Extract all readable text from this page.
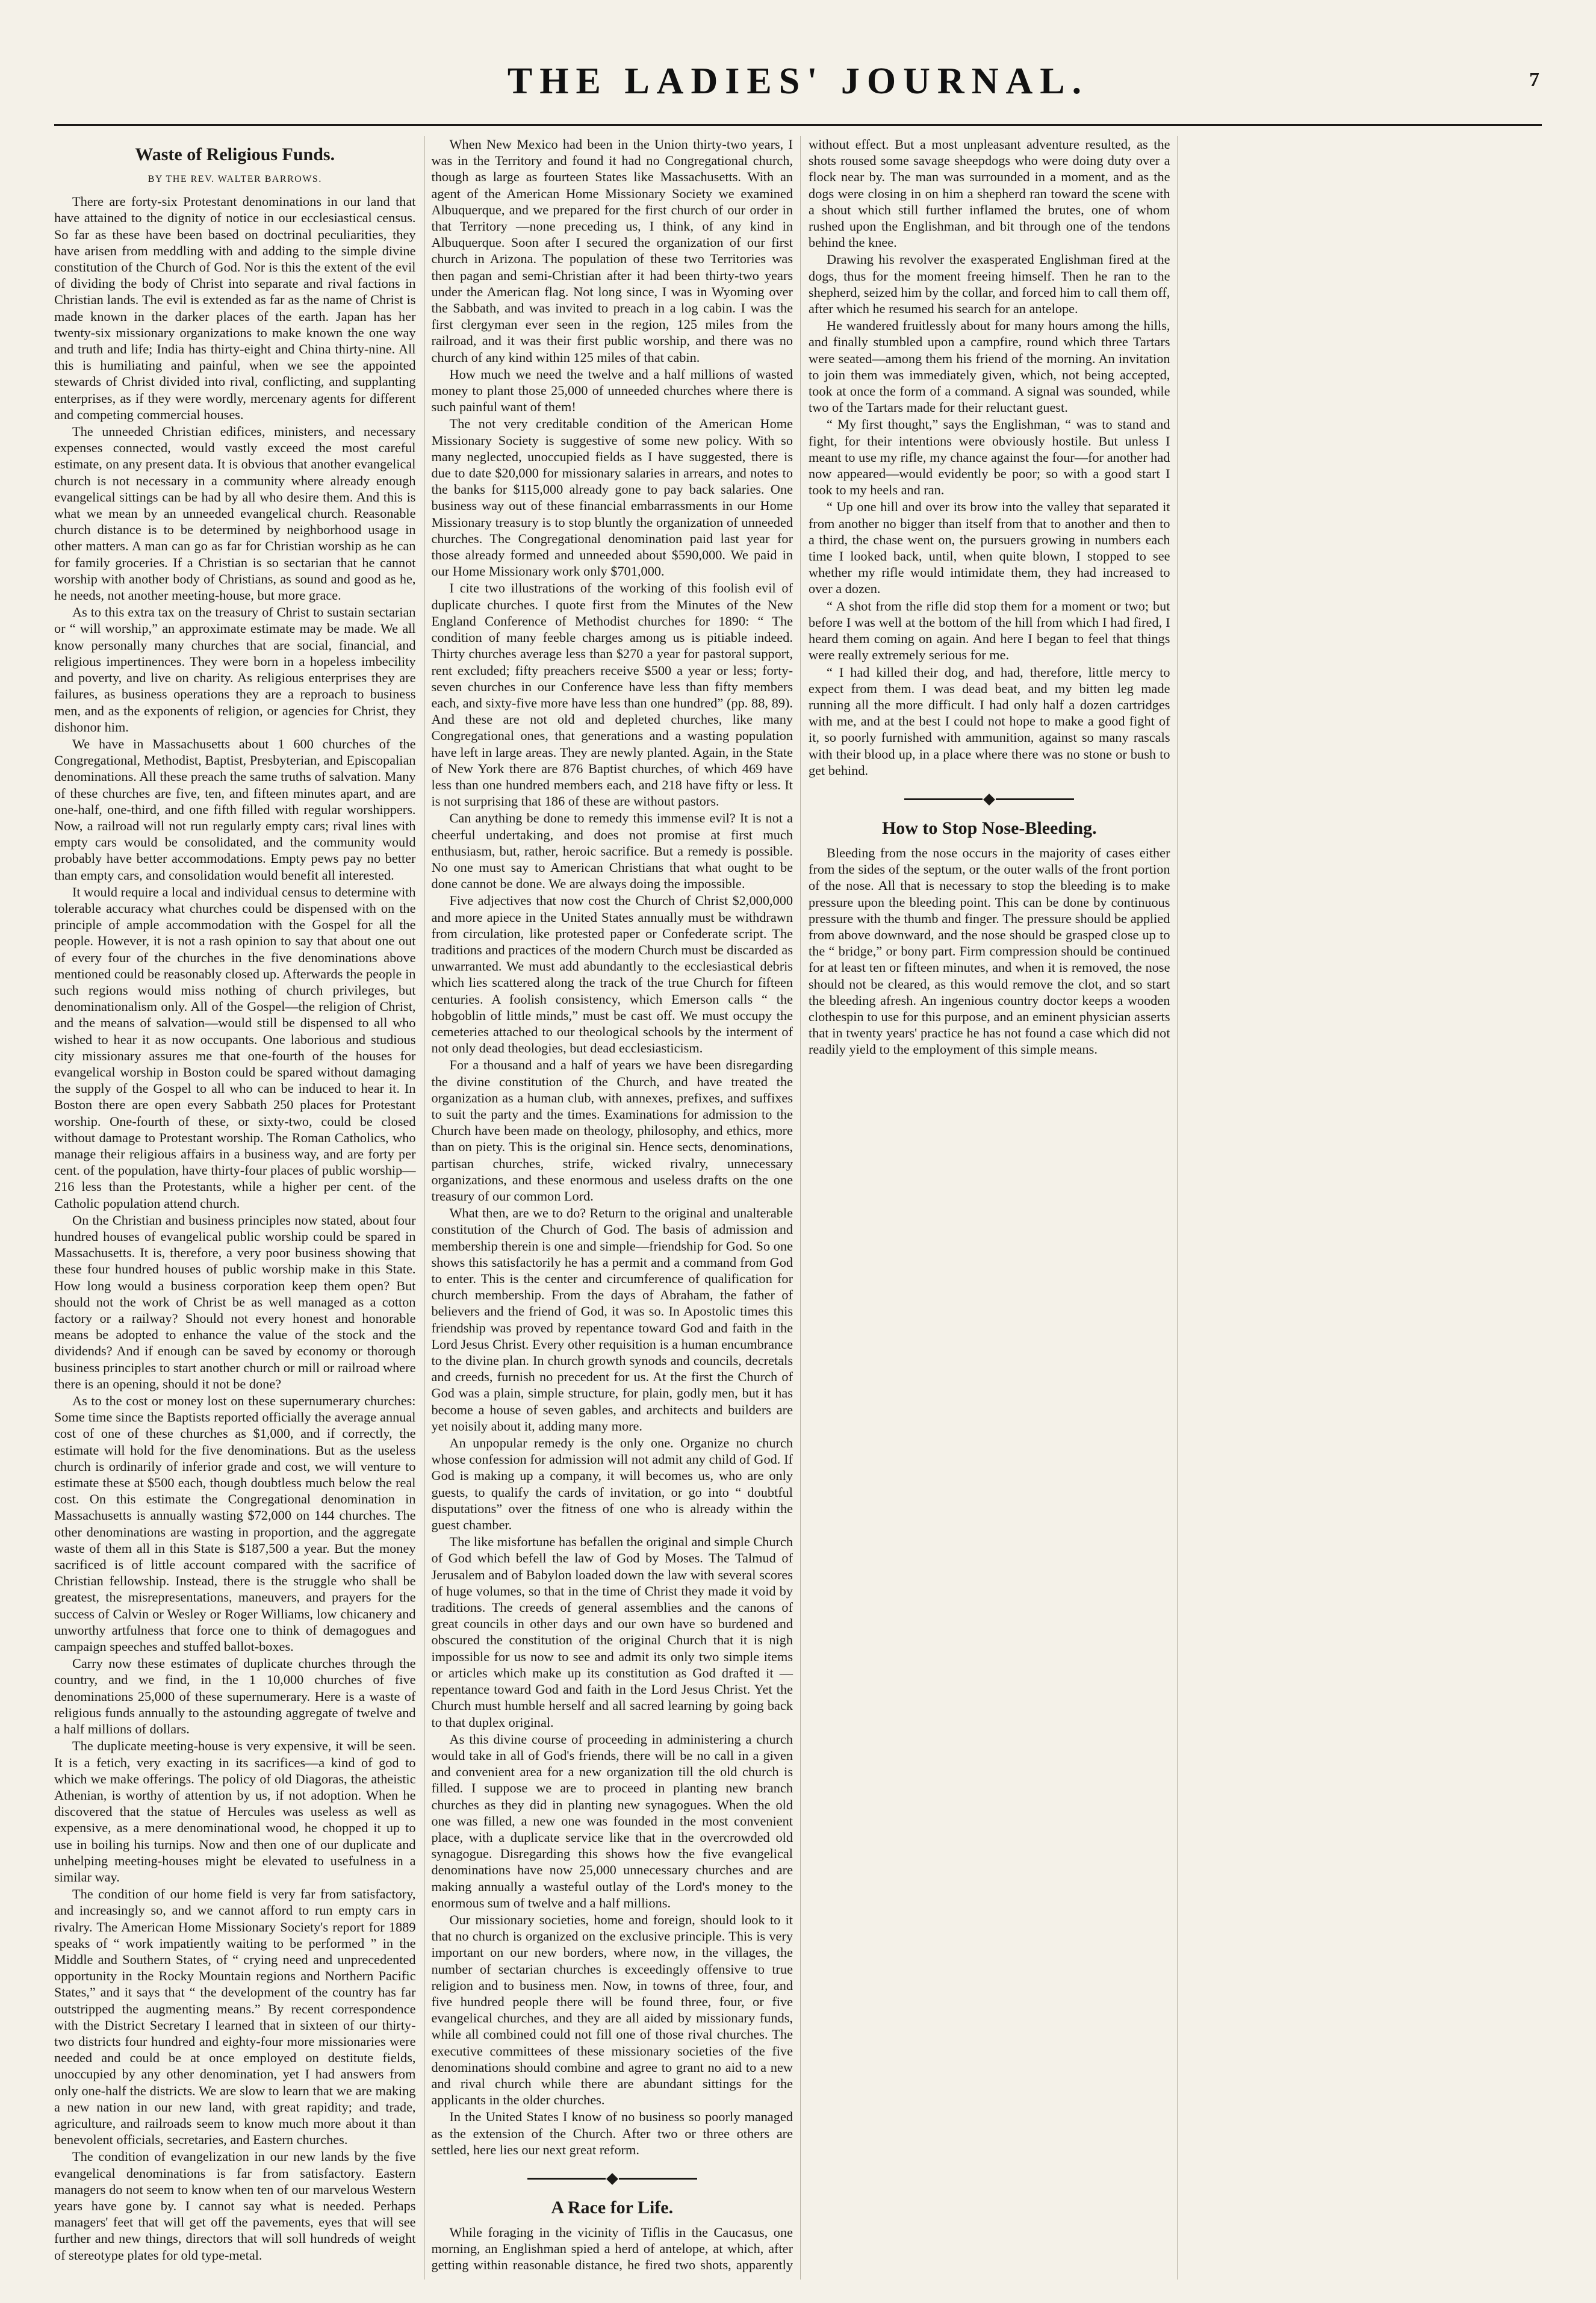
THE LADIES' JOURNAL.	7
Waste of Religious Funds.
BY THE REV. WALTER BARROWS.

There are forty-six Protestant denominations in our land that have attained to the dignity of notice in our ecclesiastical census. So far as these have been based on doctrinal peculiarities, they have arisen from meddling with and adding to the simple divine constitution of the Church of God. Nor is this the extent of the evil of dividing the body of Christ into separate and rival factions in Christian lands. The evil is extended as far as the name of Christ is made known in the darker places of the earth. Japan has her twenty-six missionary organizations to make known the one way and truth and life; India has thirty-eight and China thirty-nine. All this is humiliating and painful, when we see the appointed stewards of Christ divided into rival, conflicting, and supplanting enterprises, as if they were wordly, mercenary agents for different and competing commercial houses.

The unneeded Christian edifices, ministers, and necessary expenses connected, would vastly exceed the most careful estimate, on any present data. It is obvious that another evangelical church is not necessary in a community where already enough evangelical sittings can be had by all who desire them. And this is what we mean by an unneeded evangelical church. Reasonable church distance is to be determined by neighborhood usage in other matters. A man can go as far for Christian worship as he can for family groceries. If a Christian is so sectarian that he cannot worship with another body of Christians, as sound and good as he, he needs, not another meeting-house, but more grace.

As to this extra tax on the treasury of Christ to sustain sectarian or “ will worship,” an approximate estimate may be made. We all know personally many churches that are social, financial, and religious impertinences. They were born in a hopeless imbecility and poverty, and live on charity. As religious enterprises they are failures, as business operations they are a reproach to business men, and as the exponents of religion, or agencies for Christ, they dishonor him.

We have in Massachusetts about 1 600 churches of the Congregational, Methodist, Baptist, Presbyterian, and Episcopalian denominations. All these preach the same truths of salvation. Many of these churches are five, ten, and fifteen minutes apart, and are one-half, one-third, and one fifth filled with regular worshippers. Now, a railroad will not run regularly empty cars; rival lines with empty cars would be consolidated, and the community would probably have better accommodations. Empty pews pay no better than empty cars, and consolidation would benefit all interested.

It would require a local and individual census to determine with tolerable accuracy what churches could be dispensed with on the principle of ample accommodation with the Gospel for all the people. However, it is not a rash opinion to say that about one out of every four of the churches in the five denominations above mentioned could be reasonably closed up. Afterwards the people in such regions would miss nothing of church privileges, but denominationalism only. All of the Gospel—the religion of Christ, and the means of salvation—would still be dispensed to all who wished to hear it as now occupants. One laborious and studious city missionary assures me that one-fourth of the houses for evangelical worship in Boston could be spared without damaging the supply of the Gospel to all who can be induced to hear it. In Boston there are open every Sabbath 250 places for Protestant worship. One-fourth of these, or sixty-two, could be closed without damage to Protestant worship. The Roman Catholics, who manage their religious affairs in a business way, and are forty per cent. of the population, have thirty-four places of public worship—216 less than the Protestants, while a higher per cent. of the Catholic population attend church.

On the Christian and business principles now stated, about four hundred houses of evangelical public worship could be spared in Massachusetts. It is, therefore, a very poor business showing that these four hundred houses of public worship make in this State. How long would a business corporation keep them open? But should not the work of Christ be as well managed as a cotton factory or a railway? Should not every honest and honorable means be adopted to enhance the value of the stock and the dividends? And if enough can be saved by economy or thorough business principles to start another church or mill or railroad where there is an opening, should it not be done?

As to the cost or money lost on these supernumerary churches: Some time since the Baptists reported officially the average annual cost of one of these churches as $1,000, and if correctly, the estimate will hold for the five denominations. But as the useless church is ordinarily of inferior grade and cost, we will venture to estimate these at $500 each, though doubtless much below the real cost. On this estimate the Congregational denomination in Massachusetts is annually wasting $72,000 on 144 churches. The other denominations are wasting in proportion, and the aggregate waste of them all in this State is $187,500 a year. But the money sacrificed is of little account compared with the sacrifice of Christian fellowship. Instead, there is the struggle who shall be greatest, the misrepresentations, maneuvers, and prayers for the success of Calvin or Wesley or Roger Williams, low chicanery and unworthy artfulness that force one to think of demagogues and campaign speeches and stuffed ballot-boxes.

Carry now these estimates of duplicate churches through the country, and we find, in the 1 10,000 churches of five denominations 25,000 of these supernumerary. Here is a waste of religious funds annually to the astounding aggregate of twelve and a half millions of dollars.

The duplicate meeting-house is very expensive, it will be seen. It is a fetich, very exacting in its sacrifices—a kind of god to which we make offerings. The policy of old Diagoras, the atheistic Athenian, is worthy of attention by us, if not adoption. When he discovered that the statue of Hercules was useless as well as expensive, as a mere denominational wood, he chopped it up to use in boiling his turnips. Now and then one of our duplicate and unhelping meeting-houses might be elevated to usefulness in a similar way.

The condition of our home field is very far from satisfactory, and increasingly so, and we cannot afford to run empty cars in rivalry. The American Home Missionary Society's report for 1889 speaks of “ work impatiently waiting to be performed ” in the Middle and Southern States, of “ crying need and unprecedented opportunity in the Rocky Mountain regions and Northern Pacific States,” and it says that “ the development of the country has far outstripped the augmenting means.” By recent correspondence with the District Secretary I learned that in sixteen of our thirty-two districts four hundred and eighty-four more missionaries were needed and could be at once employed on destitute fields, unoccupied by any other denomination, yet I had answers from only one-half the districts. We are slow to learn that we are making a new nation in our new land, with great rapidity; and trade, agriculture, and railroads seem to know much more about it than benevolent officials, secretaries, and Eastern churches.

The condition of evangelization in our new lands by the five evangelical denominations is far from satisfactory. Eastern managers do not seem to know when ten of our marvelous Western years have gone by. I cannot say what is needed. Perhaps managers' feet that will get off the pavements, eyes that will see further and new things, directors that will soll hundreds of weight of stereotype plates for old type-metal.

When New Mexico had been in the Union thirty-two years, I was in the Territory and found it had no Congregational church, though as large as fourteen States like Massachusetts. With an agent of the American Home Missionary Society we examined Albuquerque, and we prepared for the first church of our order in that Territory —none preceding us, I think, of any kind in Albuquerque. Soon after I secured the organization of our first church in Arizona. The population of these two Territories was then pagan and semi-Christian after it had been thirty-two years under the American flag. Not long since, I was in Wyoming over the Sabbath, and was invited to preach in a log cabin. I was the first clergyman ever seen in the region, 125 miles from the railroad, and it was their first public worship, and there was no church of any kind within 125 miles of that cabin.

How much we need the twelve and a half millions of wasted money to plant those 25,000 of unneeded churches where there is such painful want of them!

The not very creditable condition of the American Home Missionary Society is suggestive of some new policy. With so many neglected, unoccupied fields as I have suggested, there is due to date $20,000 for missionary salaries in arrears, and notes to the banks for $115,000 already gone to pay back salaries. One business way out of these financial embarrassments in our Home Missionary treasury is to stop bluntly the organization of unneeded churches. The Congregational denomination paid last year for those already formed and unneeded about $590,000. We paid in our Home Missionary work only $701,000.

I cite two illustrations of the working of this foolish evil of duplicate churches. I quote first from the Minutes of the New England Conference of Methodist churches for 1890: “ The condition of many feeble charges among us is pitiable indeed. Thirty churches average less than $270 a year for pastoral support, rent excluded; fifty preachers receive $500 a year or less; forty-seven churches in our Conference have less than fifty members each, and sixty-five more have less than one hundred” (pp. 88, 89). And these are not old and depleted churches, like many Congregational ones, that generations and a wasting population have left in large areas. They are newly planted. Again, in the State of New York there are 876 Baptist churches, of which 469 have less than one hundred members each, and 218 have fifty or less. It is not surprising that 186 of these are without pastors.

Can anything be done to remedy this immense evil? It is not a cheerful undertaking, and does not promise at first much enthusiasm, but, rather, heroic sacrifice. But a remedy is possible. No one must say to American Christians that what ought to be done cannot be done. We are always doing the impossible.

Five adjectives that now cost the Church of Christ $2,000,000 and more apiece in the United States annually must be withdrawn from circulation, like protested paper or Confederate script. The traditions and practices of the modern Church must be discarded as unwarranted. We must add abundantly to the ecclesiastical debris which lies scattered along the track of the true Church for fifteen centuries. A foolish consistency, which Emerson calls “ the hobgoblin of little minds,” must be cast off. We must occupy the cemeteries attached to our theological schools by the interment of not only dead theologies, but dead ecclesiasticism.

For a thousand and a half of years we have been disregarding the divine constitution of the Church, and have treated the organization as a human club, with annexes, prefixes, and suffixes to suit the party and the times. Examinations for admission to the Church have been made on theology, philosophy, and ethics, more than on piety. This is the original sin. Hence sects, denominations, partisan churches, strife, wicked rivalry, unnecessary organizations, and these enormous and useless drafts on the one treasury of our common Lord.

What then, are we to do? Return to the original and unalterable constitution of the Church of God. The basis of admission and membership therein is one and simple—friendship for God. So one shows this satisfactorily he has a permit and a command from God to enter. This is the center and circumference of qualification for church membership. From the days of Abraham, the father of believers and the friend of God, it was so. In Apostolic times this friendship was proved by repentance toward God and faith in the Lord Jesus Christ. Every other requisition is a human encumbrance to the divine plan. In church growth synods and councils, decretals and creeds, furnish no precedent for us. At the first the Church of God was a plain, simple structure, for plain, godly men, but it has become a house of seven gables, and architects and builders are yet noisily about it, adding many more.

An unpopular remedy is the only one. Organize no church whose confession for admission will not admit any child of God. If God is making up a company, it will becomes us, who are only guests, to qualify the cards of invitation, or go into “ doubtful disputations” over the fitness of one who is already within the guest chamber.

The like misfortune has befallen the original and simple Church of God which befell the law of God by Moses. The Talmud of Jerusalem and of Babylon loaded down the law with several scores of huge volumes, so that in the time of Christ they made it void by traditions. The creeds of general assemblies and the canons of great councils in other days and our own have so burdened and obscured the constitution of the original Church that it is nigh impossible for us now to see and admit its only two simple items or articles which make up its constitution as God drafted it —repentance toward God and faith in the Lord Jesus Christ. Yet the Church must humble herself and all sacred learning by going back to that duplex original.

As this divine course of proceeding in administering a church would take in all of God's friends, there will be no call in a given and convenient area for a new organization till the old church is filled. I suppose we are to proceed in planting new branch churches as they did in planting new synagogues. When the old one was filled, a new one was founded in the most convenient place, with a duplicate service like that in the overcrowded old synagogue. Disregarding this shows how the five evangelical denominations have now 25,000 unnecessary churches and are making annually a wasteful outlay of the Lord's money to the enormous sum of twelve and a half millions.

Our missionary societies, home and foreign, should look to it that no church is organized on the exclusive principle. This is very important on our new borders, where now, in the villages, the number of sectarian churches is exceedingly offensive to true religion and to business men. Now, in towns of three, four, and five hundred people there will be found three, four, or five evangelical churches, and they are all aided by missionary funds, while all combined could not fill one of those rival churches. The executive committees of these missionary societies of the five denominations should combine and agree to grant no aid to a new and rival church while there are abundant sittings for the applicants in the older churches.

In the United States I know of no business so poorly managed as the extension of the Church. After two or three others are settled, here lies our next great reform.

A Race for Life.

While foraging in the vicinity of Tiflis in the Caucasus, one morning, an Englishman spied a herd of antelope, at which, after getting within reasonable distance, he fired two shots, apparently without effect. But a most unpleasant adventure resulted, as the shots roused some savage sheepdogs who were doing duty over a flock near by. The man was surrounded in a moment, and as the dogs were closing in on him a shepherd ran toward the scene with a shout which still further inflamed the brutes, one of whom rushed upon the Englishman, and bit through one of the tendons behind the knee.

Drawing his revolver the exasperated Englishman fired at the dogs, thus for the moment freeing himself. Then he ran to the shepherd, seized him by the collar, and forced him to call them off, after which he resumed his search for an antelope.

He wandered fruitlessly about for many hours among the hills, and finally stumbled upon a campfire, round which three Tartars were seated—among them his friend of the morning. An invitation to join them was immediately given, which, not being accepted, took at once the form of a command. A signal was sounded, while two of the Tartars made for their reluctant guest.

“ My first thought,” says the Englishman, “ was to stand and fight, for their intentions were obviously hostile. But unless I meant to use my rifle, my chance against the four—for another had now appeared—would evidently be poor; so with a good start I took to my heels and ran.

“ Up one hill and over its brow into the valley that separated it from another no bigger than itself from that to another and then to a third, the chase went on, the pursuers growing in numbers each time I looked back, until, when quite blown, I stopped to see whether my rifle would intimidate them, they had increased to over a dozen.

“ A shot from the rifle did stop them for a moment or two; but before I was well at the bottom of the hill from which I had fired, I heard them coming on again. And here I began to feel that things were really extremely serious for me.

“ I had killed their dog, and had, therefore, little mercy to expect from them. I was dead beat, and my bitten leg made running all the more difficult. I had only half a dozen cartridges with me, and at the best I could not hope to make a good fight of it, so poorly furnished with ammunition, against so many rascals with their blood up, in a place where there was no stone or bush to get behind.

How to Stop Nose-Bleeding.

Bleeding from the nose occurs in the majority of cases either from the sides of the septum, or the outer walls of the front portion of the nose. All that is necessary to stop the bleeding is to make pressure upon the bleeding point. This can be done by continuous pressure with the thumb and finger. The pressure should be applied from above downward, and the nose should be grasped close up to the “ bridge,” or bony part. Firm compression should be continued for at least ten or fifteen minutes, and when it is removed, the nose should not be cleared, as this would remove the clot, and so start the bleeding afresh. An ingenious country doctor keeps a wooden clothespin to use for this purpose, and an eminent physician asserts that in twenty years' practice he has not found a case which did not readily yield to the employment of this simple means.
